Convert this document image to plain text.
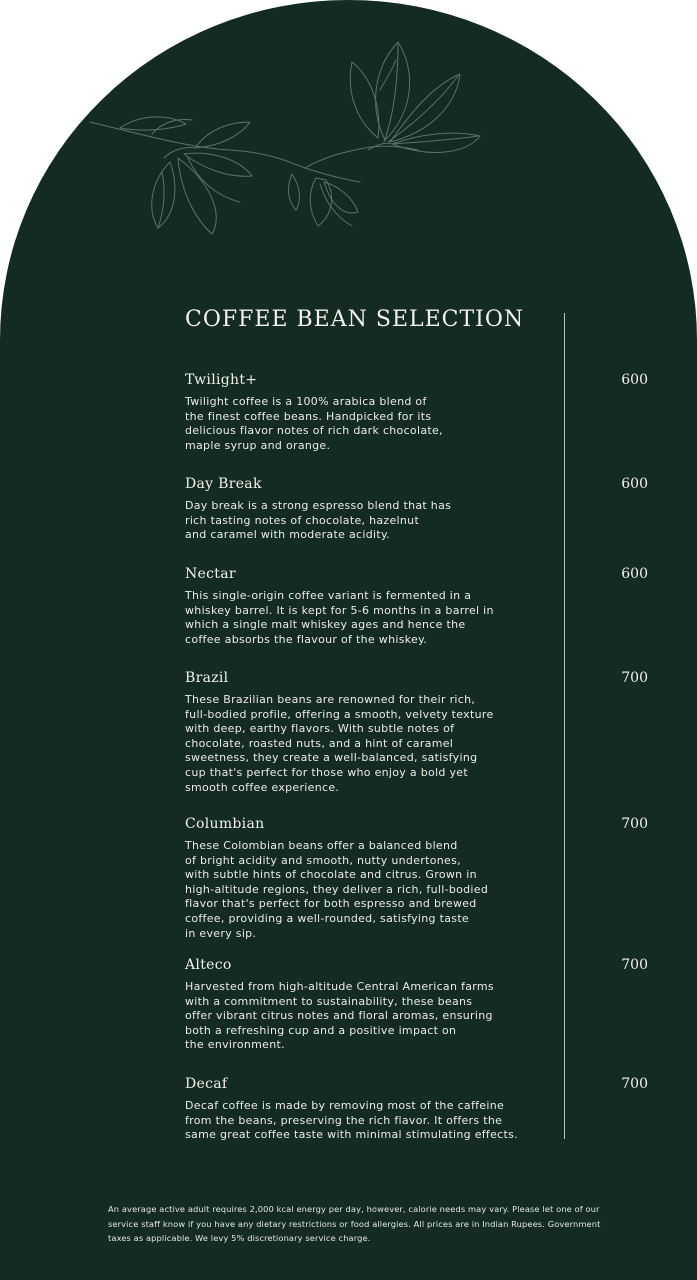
COFFEE BEAN SELECTION
Twilight+	600
Twilight coffee is a 100% arabica blend of
the finest coffee beans. Handpicked for its
delicious flavor notes of rich dark chocolate,
maple syrup and orange.
Day Break	600
Day break is a strong espresso blend that has
rich tasting notes of chocolate, hazelnut
and caramel with moderate acidity.
Nectar	600
This single-origin coffee variant is fermented in a
whiskey barrel. It is kept for 5-6 months in a barrel in
which a single malt whiskey ages and hence the
coffee absorbs the flavour of the whiskey.
Brazil	700
These Brazilian beans are renowned for their rich,
full-bodied profile, offering a smooth, velvety texture
with deep, earthy flavors. With subtle notes of
chocolate, roasted nuts, and a hint of caramel
sweetness, they create a well-balanced, satisfying
cup that's perfect for those who enjoy a bold yet
smooth coffee experience.
Columbian	700
These Colombian beans offer a balanced blend
of bright acidity and smooth, nutty undertones,
with subtle hints of chocolate and citrus. Grown in
high-altitude regions, they deliver a rich, full-bodied
flavor that's perfect for both espresso and brewed
coffee, providing a well-rounded, satisfying taste
in every sip.
Alteco	700
Harvested from high-altitude Central American farms
with a commitment to sustainability, these beans
offer vibrant citrus notes and floral aromas, ensuring
both a refreshing cup and a positive impact on
the environment.
Decaf	700
Decaf coffee is made by removing most of the caffeine
from the beans, preserving the rich flavor. It offers the
same great coffee taste with minimal stimulating effects.
An average active adult requires 2,000 kcal energy per day, however, calorie needs may vary. Please let one of our
service staff know if you have any dietary restrictions or food allergies. All prices are in Indian Rupees. Government
taxes as applicable. We levy 5% discretionary service charge.
